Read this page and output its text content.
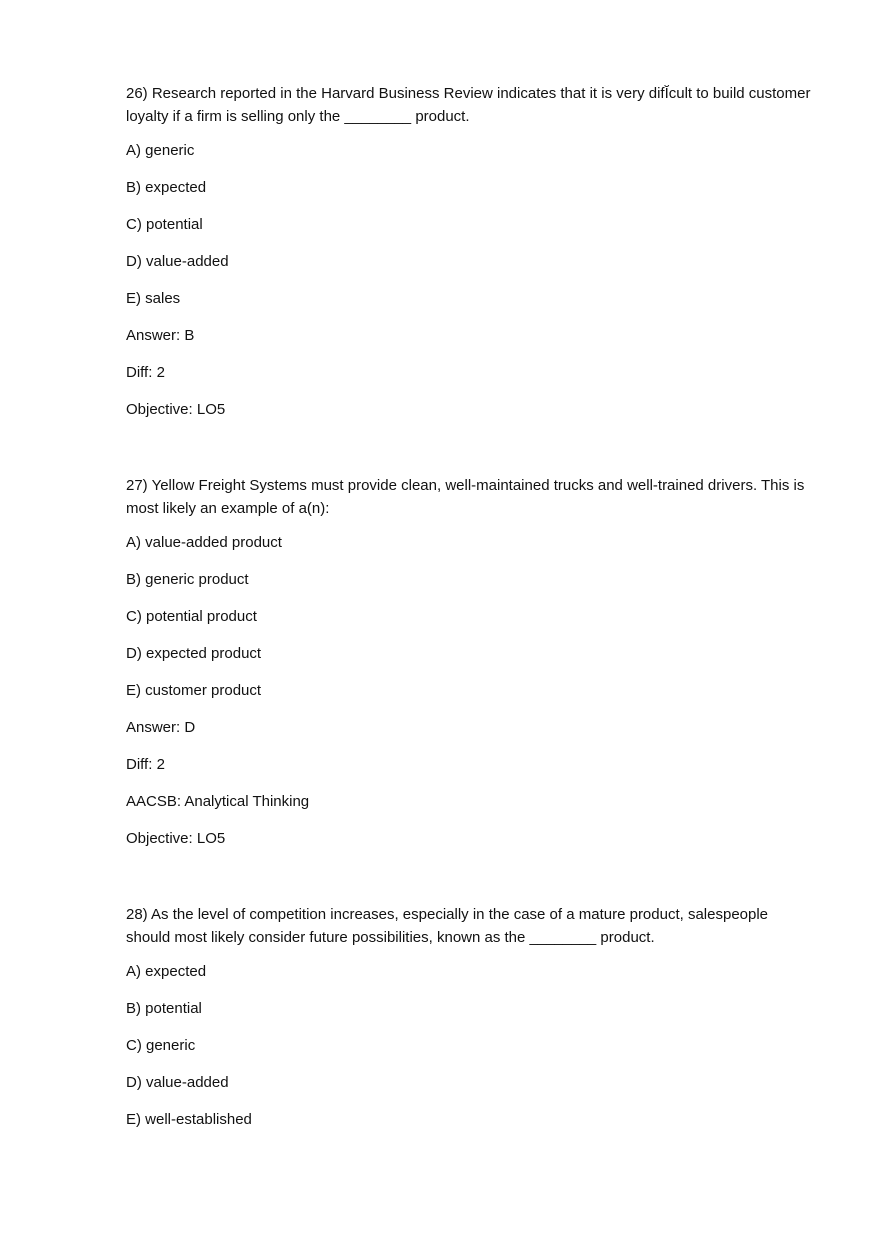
26) Research reported in the Harvard Business Review indicates that it is very difĬcult to build customer loyalty if a firm is selling only the ________ product.

A) generic

B) expected

C) potential

D) value-added

E) sales

Answer: B

Diff: 2

Objective: LO5

27) Yellow Freight Systems must provide clean, well-maintained trucks and well-trained drivers. This is most likely an example of a(n):

A) value-added product

B) generic product

C) potential product

D) expected product

E) customer product

Answer: D

Diff: 2

AACSB: Analytical Thinking

Objective: LO5

28) As the level of competition increases, especially in the case of a mature product, salespeople should most likely consider future possibilities, known as the ________ product.

A) expected

B) potential

C) generic

D) value-added

E) well-established
